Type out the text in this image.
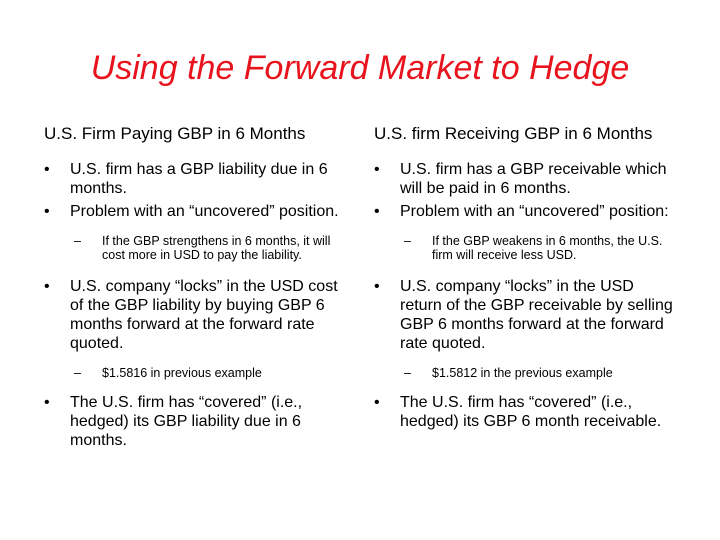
Using the Forward Market to Hedge
U.S. Firm Paying GBP in 6 Months
• U.S. firm has a GBP liability due in 6 months.
• Problem with an “uncovered” position.
– If the GBP strengthens in 6 months, it will cost more in USD to pay the liability.
• U.S. company “locks” in the USD cost of the GBP liability by buying GBP 6 months forward at the forward rate quoted.
– $1.5816 in previous example
• The U.S. firm has “covered” (i.e., hedged) its GBP liability due in 6 months.
U.S. firm Receiving GBP in 6 Months
• U.S. firm has a GBP receivable which will be paid in 6 months.
• Problem with an “uncovered” position:
– If the GBP weakens in 6 months, the U.S. firm will receive less USD.
• U.S. company “locks” in the USD return of the GBP receivable by selling GBP 6 months forward at the forward rate quoted.
– $1.5812 in the previous example
• The U.S. firm has “covered” (i.e., hedged) its GBP 6 month receivable.
